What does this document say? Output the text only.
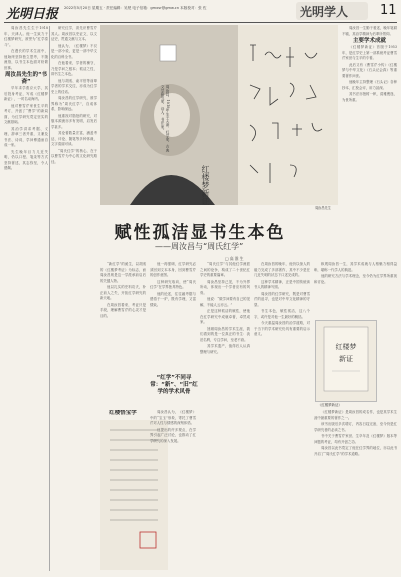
光明日报 2022年5月20日 星期五 · 责任编辑：吴楚 电子信箱：gmxsr@gmw.cn 本版校对：张 佐	光明学人 11

周汝昌先生生于1918年，天津人。他一生致力于红楼梦研究，被誉为“红学泰斗”。

在漫长的学术生涯中，他始终坚持独立思考，不随流俗，以书生本色面对纷繁世事。

周汝昌先生的“书斋”

早年求学燕京大学，其后投身考证，写成《红楼梦新证》，一时名动海内。

他对曹雪芹家世生平的考订，开创了“曹学”的新局面，为红学研究奠定坚实的文献基础。

其治学讲求考据、义理、辞章三者并重，又兼及书法、诗词，学问博通而自成一家。

先生晚年目力几近失明，仍以口授、笔录等方式坚持著述，其志弥坚，令人感佩。

研究红学，须先识曹雪芹其人。周汝昌以史证文，以文证史，贯通文献与文本。

他认为，《红楼梦》不仅是一部小说，更是一部中华文化的百科全书。

在他看来，学者的操守，乃是学问之根本；孤洁之性，即书生之本色。

他与胡适、俞平伯等前辈学者的学术交往，亦成为红学史上的佳话。

周汝昌的红学研究，被学界称为“周氏红学”，自成体系，影响深远。

他重视对脂批的研究，对版本源流亦多有发明，启发后学甚多。

其论著数量宏富，涵盖考证、评论、随笔等多种体裁，文字清丽可读。

“周氏红学”的核心，在于以曹雪芹为中心的文化研究路径。

周汝昌，1918年生于天津，红学家、古典文学研究家、诗人、书法家。
红楼梦新证
周汝昌先生

周汝昌一生勤于著述，晚年笔耕不辍，其治学精神为后辈所景仰。

主要学术成就

《红楼梦新证》首版于1953年，是红学史上第一部系统考证曹雪芹家世与生平的专著。

此后又有《曹雪芹小传》《红楼梦与中华文化》《石头记会真》等重要著作问世。

他晚年主持整理《石头记》各种抄本，汇校会评，用力甚深。

其书法亦独树一帜，清雅俊逸，为世所重。

赋性孤洁显书生本色
——周汝昌与“周氏红学”
□ 高 淮 生

“新红学”的诞生，以胡适的《红楼梦考证》为标志，而周汝昌则是这一学派承前启后的关键人物。

他以扎实的史料功夫，补正前人之失，开拓红学研究的新天地。

在周汝昌看来，考证只是手段，理解曹雪芹的心灵才是目的。

他一再强调，红学研究必须回到文本本身，回到曹雪芹的创作意图。

这种研究取向，使“周氏红学”在学界独具特色。

他的论述，往往融考据与感悟于一炉，既有学理，又富情致。

“红学”不同寻常：“新”、“旧”红学的学术风骨

“周氏红学”与其他红学流派之间的论争，构成了二十世纪红学史的重要篇章。

周汝昌坚持己见，不为外界所动，体现出一个学者应有的风骨。

他说：“做学问要有自己的见解，不能人云亦云。”

正是这种孤洁的赋性，使他在红学研究中成就卓著，卓然成家。

回顾周汝昌的学术生涯，我们看到的是一位真正的书生：淡泊名利，专注学问，至老不衰。

其学术遗产，值得后人认真整理与研究。

在周汝昌的晚年，他仍以惊人的毅力完成了多部著作，其中不少是在几近失明的状态下口述完成的。

这种学术精神，正是中国传统读书人的精神写照。

周汝昌的红学研究，既是对曹雪芹的追寻，也是对中华文化精神的守望。

书生本色，赋性孤洁，这八个字，或许是对他一生最好的概括。

今天重温周汝昌的治学道路，对于当下的学术研究仍具有重要的启示意义。

纵观周汝昌一生，其学术成就与人格魅力相得益彰，堪称一代学人的典范。

他的研究方法与学术理念，至今仍为红学界所重视和讨论。

红楼梦
新证
《红楼梦新证》

《红楼梦新证》是周汝昌的成名作，也是其学术生涯中最重要的著作之一。

该书出版后多次增订，内容日趋完备，至今仍是红学研究者的必读之书。

书中关于曹雪芹家世、生卒年及《红楼梦》版本等问题的考证，均有开创之功。

周汝昌以此书奠定了他在红学界的地位，亦以此书开启了“周氏红学”的学术道路。

红楼悟宝学	周汝昌认为，《红楼梦》中的“宝玉”形象，寄托了曹雪芹对人性与情感的深刻体悟。

他提出的许多观点，在学界引起广泛讨论，也推动了红学研究的深入发展。
